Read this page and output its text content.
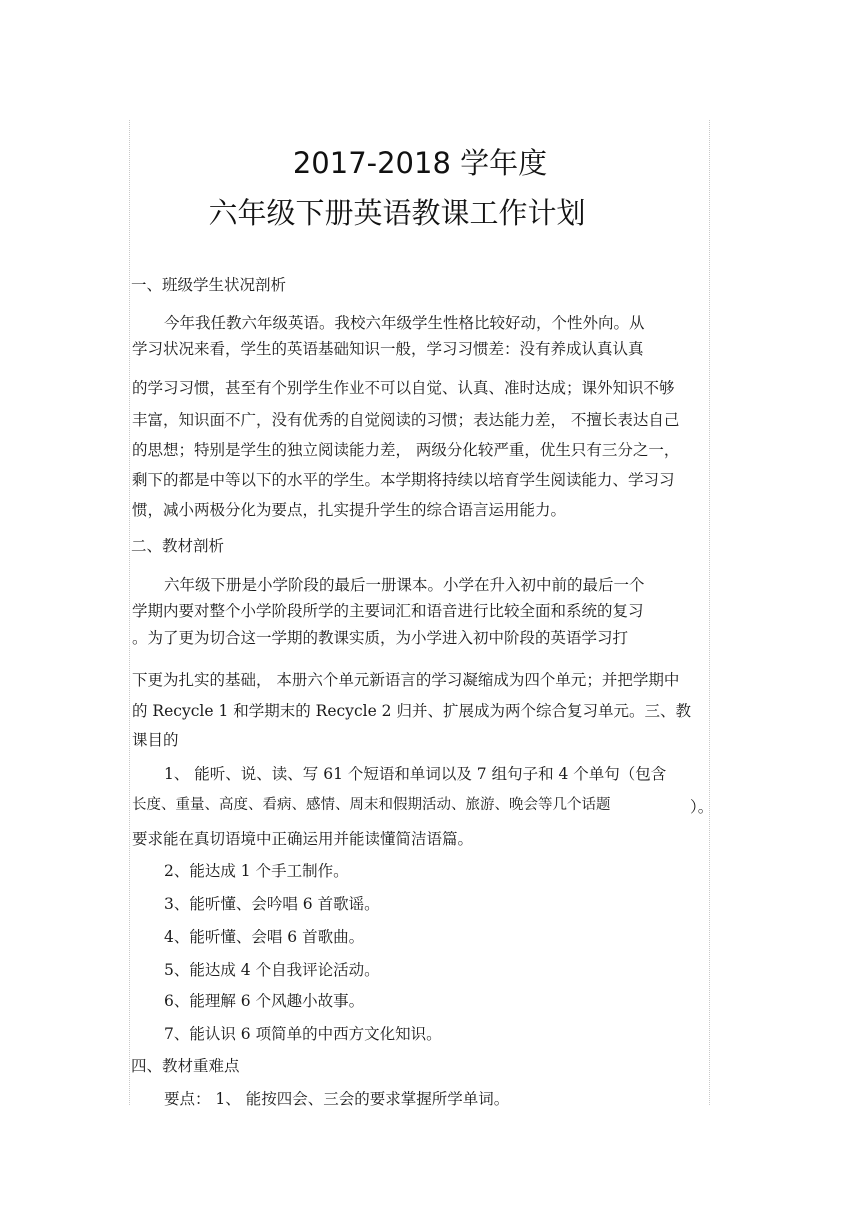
2017-2018 学年度
六年级下册英语教课工作计划
一、班级学生状况剖析
今年我任教六年级英语。我校六年级学生性格比较好动，个性外向。从
学习状况来看，学生的英语基础知识一般，学习习惯差：没有养成认真认真
的学习习惯，甚至有个别学生作业不可以自觉、认真、准时达成；课外知识不够
丰富，知识面不广，没有优秀的自觉阅读的习惯；表达能力差， 不擅长表达自己
的思想；特别是学生的独立阅读能力差， 两级分化较严重，优生只有三分之一，
剩下的都是中等以下的水平的学生。本学期将持续以培育学生阅读能力、学习习
惯，减小两极分化为要点，扎实提升学生的综合语言运用能力。
二、教材剖析
六年级下册是小学阶段的最后一册课本。小学在升入初中前的最后一个
学期内要对整个小学阶段所学的主要词汇和语音进行比较全面和系统的复习
。为了更为切合这一学期的教课实质，为小学进入初中阶段的英语学习打
下更为扎实的基础， 本册六个单元新语言的学习凝缩成为四个单元；并把学期中
的 Recycle 1 和学期末的 Recycle 2 归并、扩展成为两个综合复习单元。三、教
课目的
1、 能听、说、读、写 61 个短语和单词以及 7 组句子和 4 个单句（包含
长度、重量、高度、看病、感情、周末和假期活动、旅游、晚会等几个话题	）。
要求能在真切语境中正确运用并能读懂简洁语篇。
2、能达成 1 个手工制作。
3、能听懂、会吟唱 6 首歌谣。
4、能听懂、会唱 6 首歌曲。
5、能达成 4 个自我评论活动。
6、能理解 6 个风趣小故事。
7、能认识 6 项简单的中西方文化知识。
四、教材重难点
要点： 1、 能按四会、三会的要求掌握所学单词。
